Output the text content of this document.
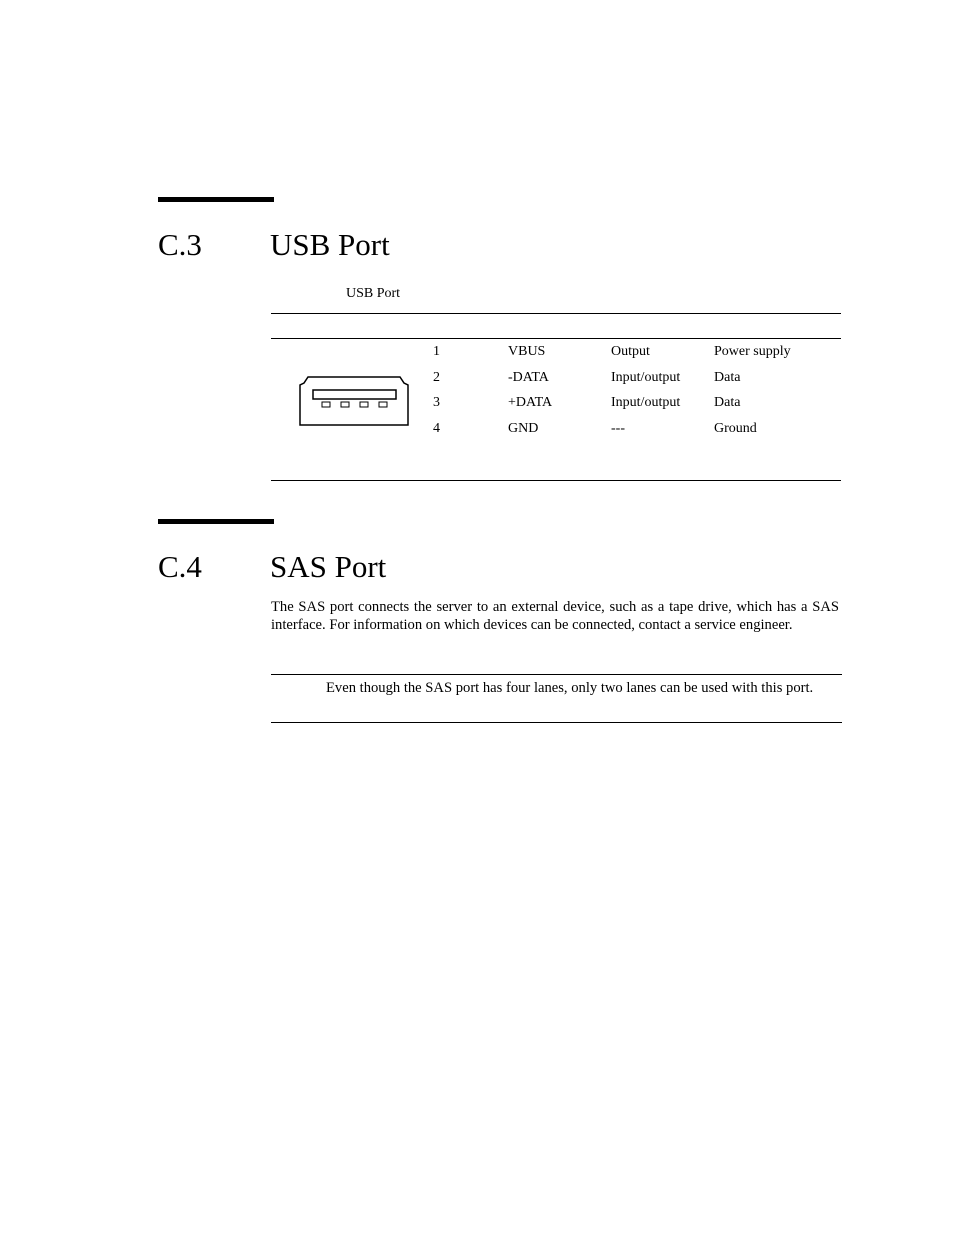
C.3 USB Port
USB Port
1	VBUS	Output	Power supply
2	-DATA	Input/output Data
3	+DATA	Input/output Data
4	GND	---	Ground
C.4 SAS Port
The SAS port connects the server to an external device, such as a tape drive, which has a SAS interface. For information on which devices can be connected, contact a service engineer.
Even though the SAS port has four lanes, only two lanes can be used with this port.
